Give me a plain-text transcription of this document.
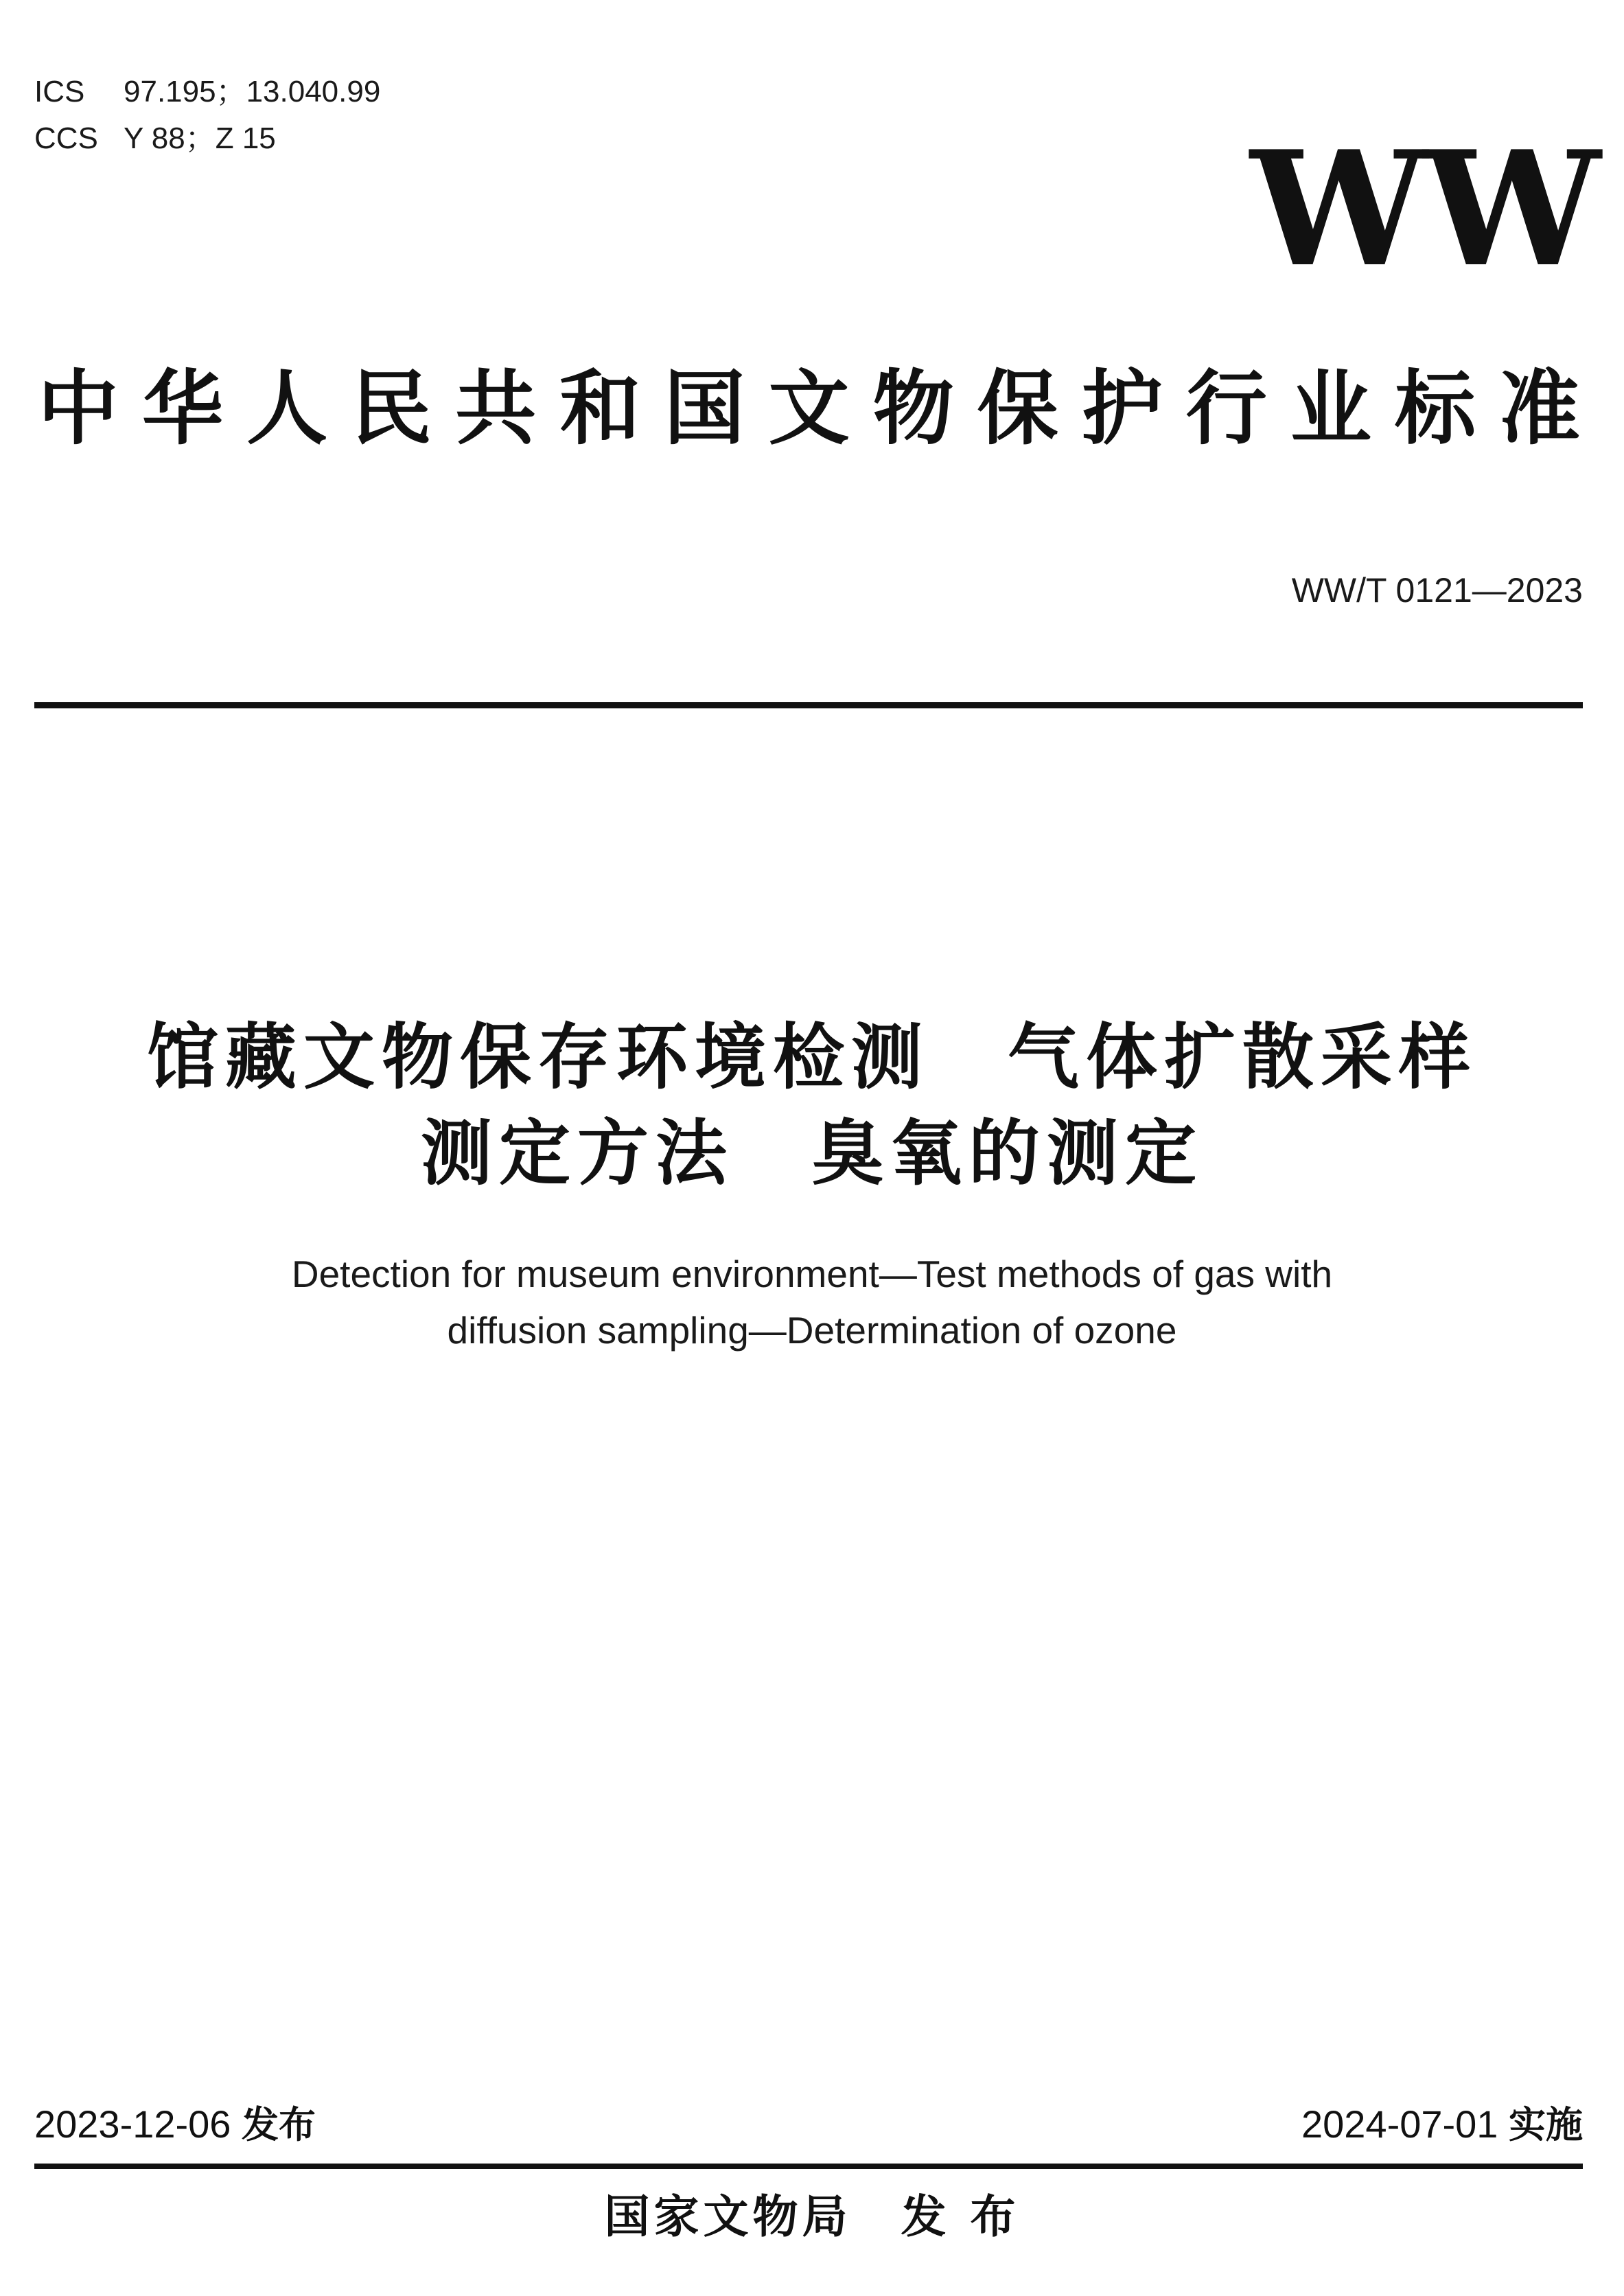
ICS 97.195；13.040.99
CCS Y 88；Z 15	WW
中华人民共和国文物保护行业标准
WW/T 0121—2023
馆藏文物保存环境检测　气体扩散采样
测定方法　臭氧的测定
Detection for museum environment—Test methods of gas with
diffusion sampling—Determination of ozone
2023-12-06 发布	2024-07-01 实施
国家文物局　发 布
